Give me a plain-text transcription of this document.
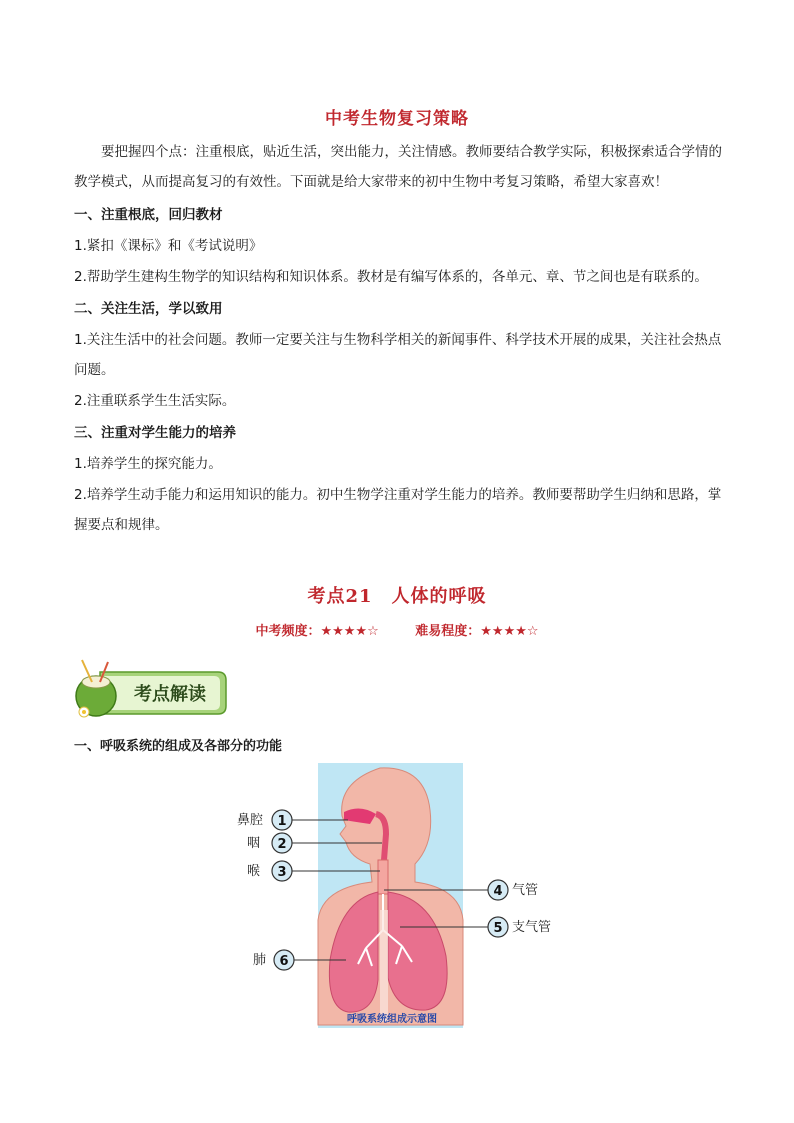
中考生物复习策略
要把握四个点：注重根底，贴近生活，突出能力，关注情感。教师要结合教学实际，积极探索适合学情的教学模式，从而提高复习的有效性。下面就是给大家带来的初中生物中考复习策略，希望大家喜欢！
一、注重根底，回归教材
1.紧扣《课标》和《考试说明》
2.帮助学生建构生物学的知识结构和知识体系。教材是有编写体系的，各单元、章、节之间也是有联系的。
二、关注生活，学以致用
1.关注生活中的社会问题。教师一定要关注与生物科学相关的新闻事件、科学技术开展的成果，关注社会热点问题。
2.注重联系学生生活实际。
三、注重对学生能力的培养
1.培养学生的探究能力。
2.培养学生动手能力和运用知识的能力。初中生物学注重对学生能力的培养。教师要帮助学生归纳和思路，掌握要点和规律。
考点21　人体的呼吸
中考频度：★★★★☆	难易程度：★★★★☆
考点解读
一、呼吸系统的组成及各部分的功能
鼻腔 1
咽 2
喉 3
4 气管
5 支气管
肺 6
呼吸系统组成示意图
